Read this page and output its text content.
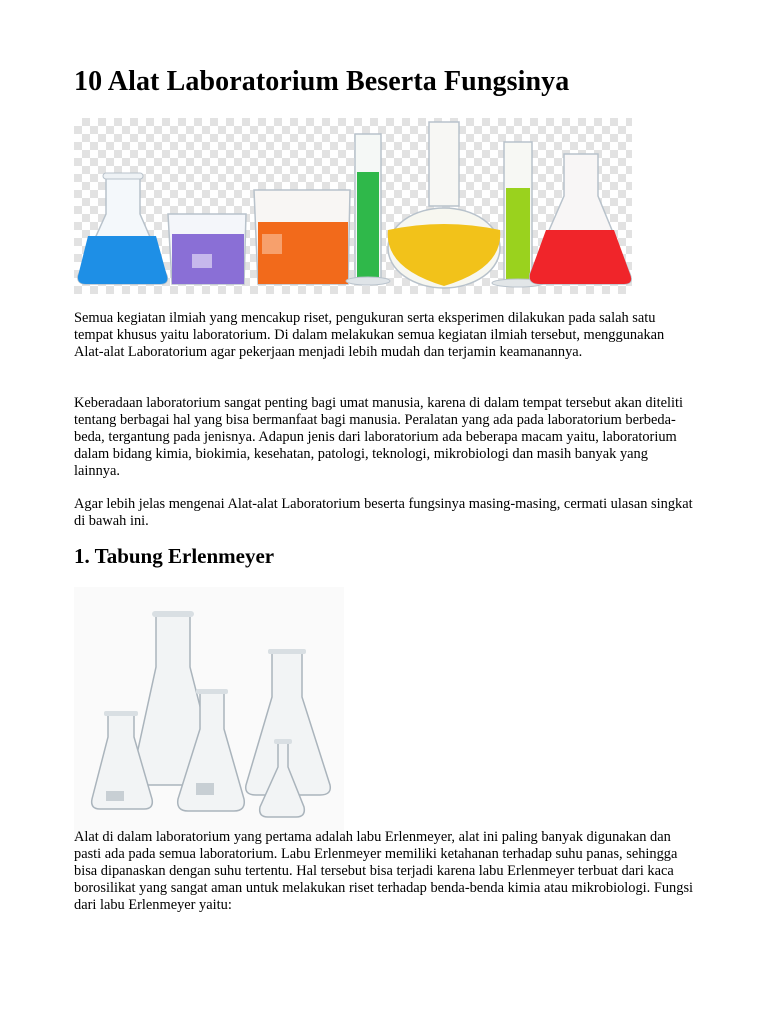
10 Alat Laboratorium Beserta Fungsinya

Semua kegiatan ilmiah yang mencakup riset, pengukuran serta eksperimen dilakukan pada salah satu tempat khusus yaitu laboratorium. Di dalam melakukan semua kegiatan ilmiah tersebut, menggunakan Alat-alat Laboratorium agar pekerjaan menjadi lebih mudah dan terjamin keamanannya.

Keberadaan laboratorium sangat penting bagi umat manusia, karena di dalam tempat tersebut akan diteliti tentang berbagai hal yang bisa bermanfaat bagi manusia. Peralatan yang ada pada laboratorium berbeda-beda, tergantung pada jenisnya. Adapun jenis dari laboratorium ada beberapa macam yaitu, laboratorium dalam bidang kimia, biokimia, kesehatan, patologi, teknologi, mikrobiologi dan masih banyak yang lainnya.

Agar lebih jelas mengenai Alat-alat Laboratorium beserta fungsinya masing-masing, cermati ulasan singkat di bawah ini.

1. Tabung Erlenmeyer

Alat di dalam laboratorium yang pertama adalah labu Erlenmeyer, alat ini paling banyak digunakan dan pasti ada pada semua laboratorium. Labu Erlenmeyer memiliki ketahanan terhadap suhu panas, sehingga bisa dipanaskan dengan suhu tertentu. Hal tersebut bisa terjadi karena labu Erlenmeyer terbuat dari kaca borosilikat yang sangat aman untuk melakukan riset terhadap benda-benda kimia atau mikrobiologi. Fungsi dari labu Erlenmeyer yaitu:
